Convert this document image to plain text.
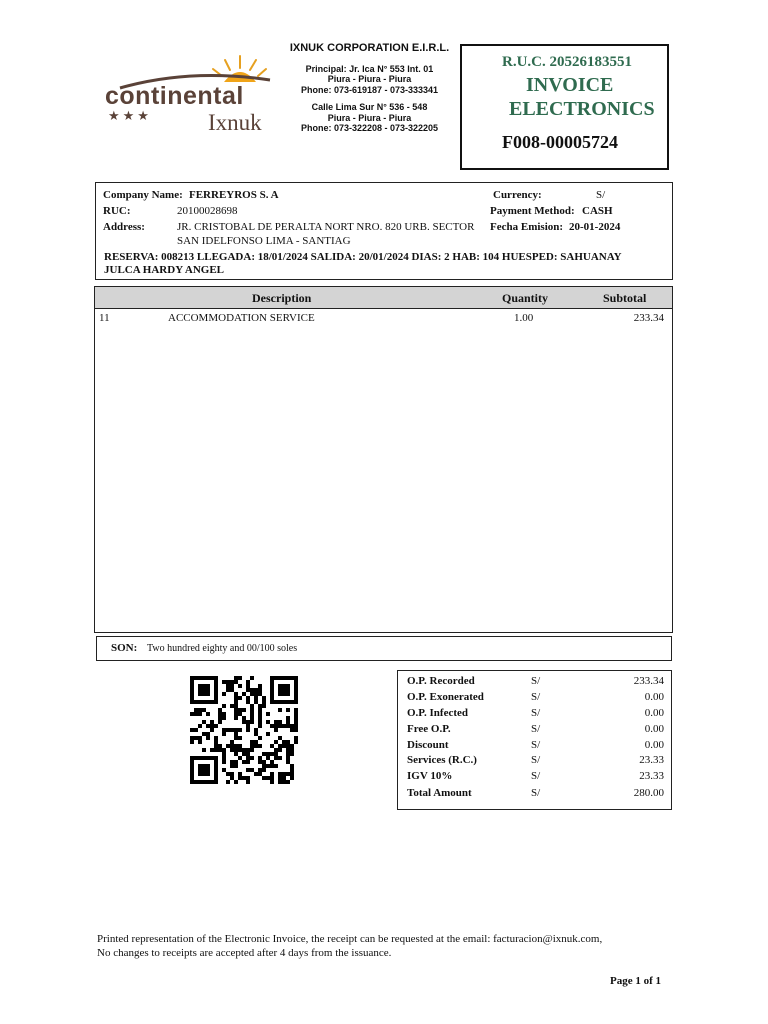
continental
★★★ Ixnuk
IXNUK CORPORATION E.I.R.L.
Principal: Jr. Ica N° 553 Int. 01
Piura - Piura - Piura
Phone: 073-619187 - 073-333341
Calle Lima Sur N° 536 - 548
Piura - Piura - Piura
Phone: 073-322208 - 073-322205
R.U.C. 20526183551
INVOICE
ELECTRONICS
F008-00005724
Company Name: FERREYROS S. A
RUC:	20100028698
Address:	JR. CRISTOBAL DE PERALTA NORT NRO. 820 URB. SECTOR
SAN IDELFONSO LIMA - SANTIAG
Currency:	S/
Payment Method: CASH
Fecha Emision: 20-01-2024
RESERVA: 008213 LLEGADA: 18/01/2024 SALIDA: 20/01/2024 DIAS: 2 HAB: 104 HUESPED: SAHUANAY
JULCA HARDY ANGEL
Description	Quantity	Subtotal
11	ACCOMMODATION SERVICE	1.00	233.34
SON: Two hundred eighty and 00/100 soles
O.P. Recorded	S/	233.34
O.P. Exonerated	S/	0.00
O.P. Infected	S/	0.00
Free O.P.	S/	0.00
Discount	S/	0.00
Services (R.C.)	S/	23.33
IGV 10%	S/	23.33
Total Amount	S/	280.00
Printed representation of the Electronic Invoice, the receipt can be requested at the email: facturacion@ixnuk.com,
No changes to receipts are accepted after 4 days from the issuance.
Page 1 of 1
